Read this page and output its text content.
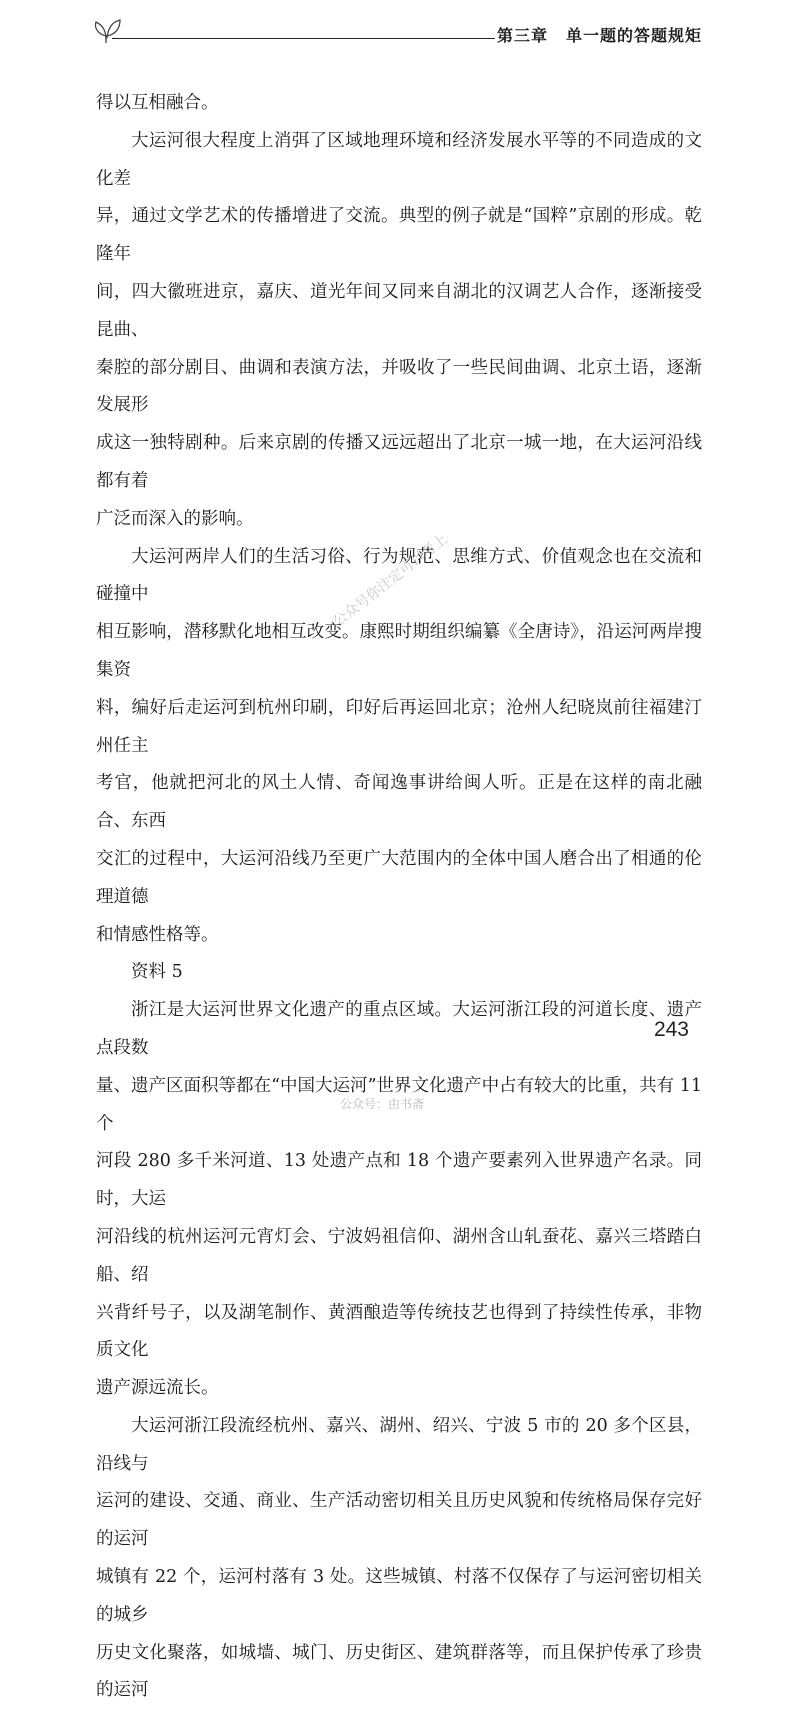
第三章 单一题的答题规矩
公众号你注定可以考上

得以互相融合。

大运河很大程度上消弭了区域地理环境和经济发展水平等的不同造成的文化差
异，通过文学艺术的传播增进了交流。典型的例子就是“国粹”京剧的形成。乾隆年
间，四大徽班进京，嘉庆、道光年间又同来自湖北的汉调艺人合作，逐渐接受昆曲、
秦腔的部分剧目、曲调和表演方法，并吸收了一些民间曲调、北京土语，逐渐发展形
成这一独特剧种。后来京剧的传播又远远超出了北京一城一地，在大运河沿线都有着
广泛而深入的影响。

大运河两岸人们的生活习俗、行为规范、思维方式、价值观念也在交流和碰撞中
相互影响，潜移默化地相互改变。康熙时期组织编纂《全唐诗》，沿运河两岸搜集资
料，编好后走运河到杭州印刷，印好后再运回北京；沧州人纪晓岚前往福建汀州任主
考官，他就把河北的风土人情、奇闻逸事讲给闽人听。正是在这样的南北融合、东西
交汇的过程中，大运河沿线乃至更广大范围内的全体中国人磨合出了相通的伦理道德
和情感性格等。

资料 5

浙江是大运河世界文化遗产的重点区域。大运河浙江段的河道长度、遗产点段数
量、遗产区面积等都在“中国大运河”世界文化遗产中占有较大的比重，共有 11 个
河段 280 多千米河道、13 处遗产点和 18 个遗产要素列入世界遗产名录。同时，大运
河沿线的杭州运河元宵灯会、宁波妈祖信仰、湖州含山轧蚕花、嘉兴三塔踏白船、绍
兴背纤号子，以及湖笔制作、黄酒酿造等传统技艺也得到了持续性传承，非物质文化
遗产源远流长。

大运河浙江段流经杭州、嘉兴、湖州、绍兴、宁波 5 市的 20 多个区县，沿线与
运河的建设、交通、商业、生产活动密切相关且历史风貌和传统格局保存完好的运河
城镇有 22 个，运河村落有 3 处。这些城镇、村落不仅保存了与运河密切相关的城乡
历史文化聚落，如城墙、城门、历史街区、建筑群落等，而且保护传承了珍贵的运河

243
公众号：由书斋
